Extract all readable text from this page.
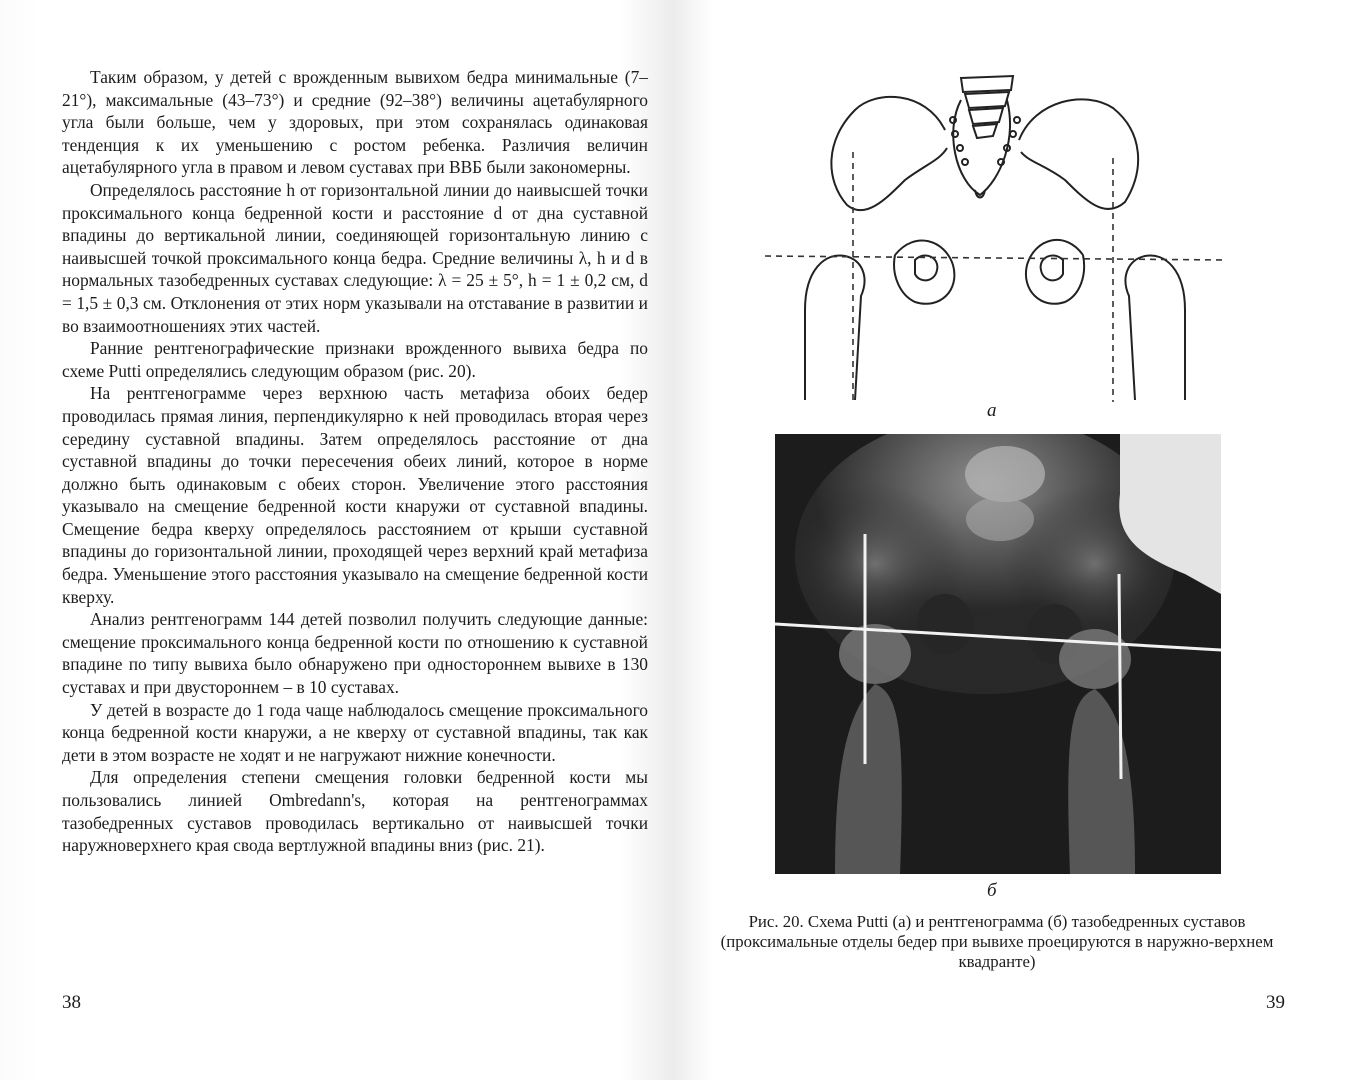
Таким образом, у детей с врожденным вывихом бедра минимальные (7–21°), максимальные (43–73°) и средние (92–38°) величины ацетабулярного угла были больше, чем у здоровых, при этом сохранялась одинаковая тенденция к их уменьшению с ростом ребенка. Различия величин ацетабулярного угла в правом и левом суставах при ВВБ были закономерны.

Определялось расстояние h от горизонтальной линии до наивысшей точки проксимального конца бедренной кости и расстояние d от дна суставной впадины до вертикальной линии, соединяющей горизонтальную линию с наивысшей точкой проксимального конца бедра. Средние величины λ, h и d в нормальных тазобедренных суставах следующие: λ = 25 ± 5°, h = 1 ± 0,2 см, d = 1,5 ± 0,3 см. Отклонения от этих норм указывали на отставание в развитии и во взаимоотношениях этих частей.

Ранние рентгенографические признаки врожденного вывиха бедра по схеме Putti определялись следующим образом (рис. 20).

На рентгенограмме через верхнюю часть метафиза обоих бедер проводилась прямая линия, перпендикулярно к ней проводилась вторая через середину суставной впадины. Затем определялось расстояние от дна суставной впадины до точки пересечения обеих линий, которое в норме должно быть одинаковым с обеих сторон. Увеличение этого расстояния указывало на смещение бедренной кости кнаружи от суставной впадины. Смещение бедра кверху определялось расстоянием от крыши суставной впадины до горизонтальной линии, проходящей через верхний край метафиза бедра. Уменьшение этого расстояния указывало на смещение бедренной кости кверху.

Анализ рентгенограмм 144 детей позволил получить следующие данные: смещение проксимального конца бедренной кости по отношению к суставной впадине по типу вывиха было обнаружено при одностороннем вывихе в 130 суставах и при двустороннем – в 10 суставах.

У детей в возрасте до 1 года чаще наблюдалось смещение проксимального конца бедренной кости кнаружи, а не кверху от суставной впадины, так как дети в этом возрасте не ходят и не нагружают нижние конечности.

Для определения степени смещения головки бедренной кости мы пользовались линией Ombredann's, которая на рентгенограммах тазобедренных суставов проводилась вертикально от наивысшей точки наружноверхнего края свода вертлужной впадины вниз (рис. 21).

38
а
б
Рис. 20. Схема Putti (а) и рентгенограмма (б) тазобедренных суставов (проксимальные отделы бедер при вывихе проецируются в наружно-верхнем квадранте)
39
